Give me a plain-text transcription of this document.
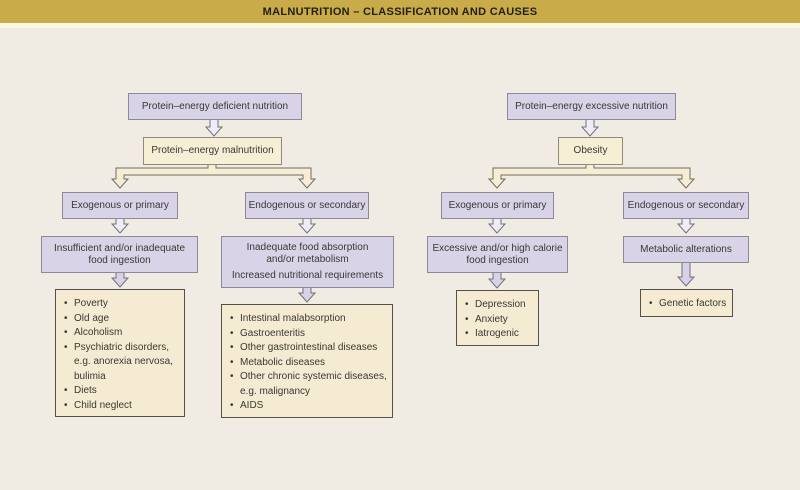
MALNUTRITION – CLASSIFICATION AND CAUSES
Protein–energy deficient nutrition
Protein–energy malnutrition
Exogenous or primary	Endogenous or secondary
Insufficient and/or inadequate
food ingestion
Inadequate food absorption
and/or metabolism
Increased nutritional requirements
• Poverty
• Old age
• Alcoholism
• Psychiatric disorders, e.g. anorexia nervosa, bulimia
• Diets
• Child neglect
• Intestinal malabsorption
• Gastroenteritis
• Other gastrointestinal diseases
• Metabolic diseases
• Other chronic systemic diseases, e.g. malignancy
• AIDS
Protein–energy excessive nutrition
Obesity
Exogenous or primary	Endogenous or secondary
Excessive and/or high calorie
food ingestion
Metabolic alterations
• Depression
• Anxiety
• Iatrogenic
• Genetic factors
